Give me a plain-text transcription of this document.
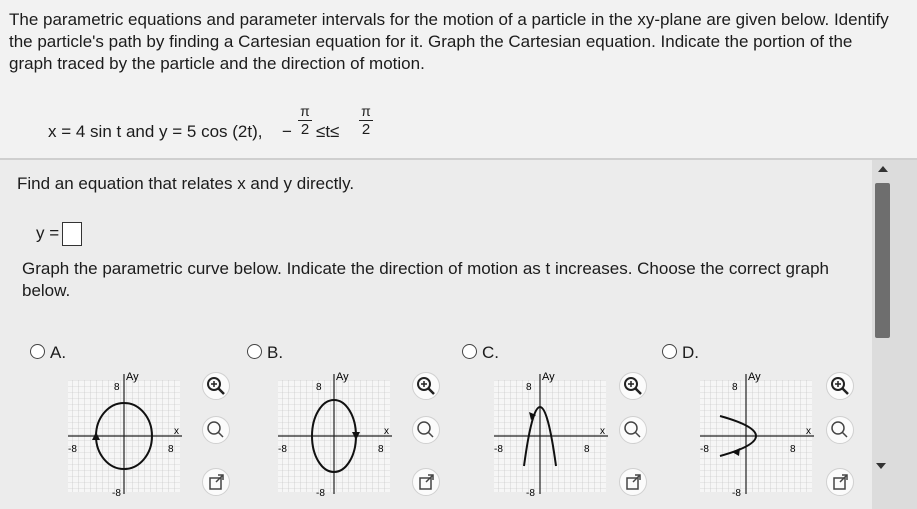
The parametric equations and parameter intervals for the motion of a particle in the xy-plane are given below. Identify the particle's path by finding a Cartesian equation for it. Graph the Cartesian equation. Indicate the portion of the graph traced by the particle and the direction of motion.

x = 4 sin t and y = 5 cos (2t), −
π
2 ≤t≤
π
2

Find an equation that relates x and y directly.

y =

Graph the parametric curve below. Indicate the direction of motion as t increases. Choose the correct graph below.

A.	B.	C.	D.
Ay
x
8
-8
-8	8
Ay
x
8
-8
-8	8
Ay
x
8
-8
-8	8
Ay
x
8
-8
-8	8
